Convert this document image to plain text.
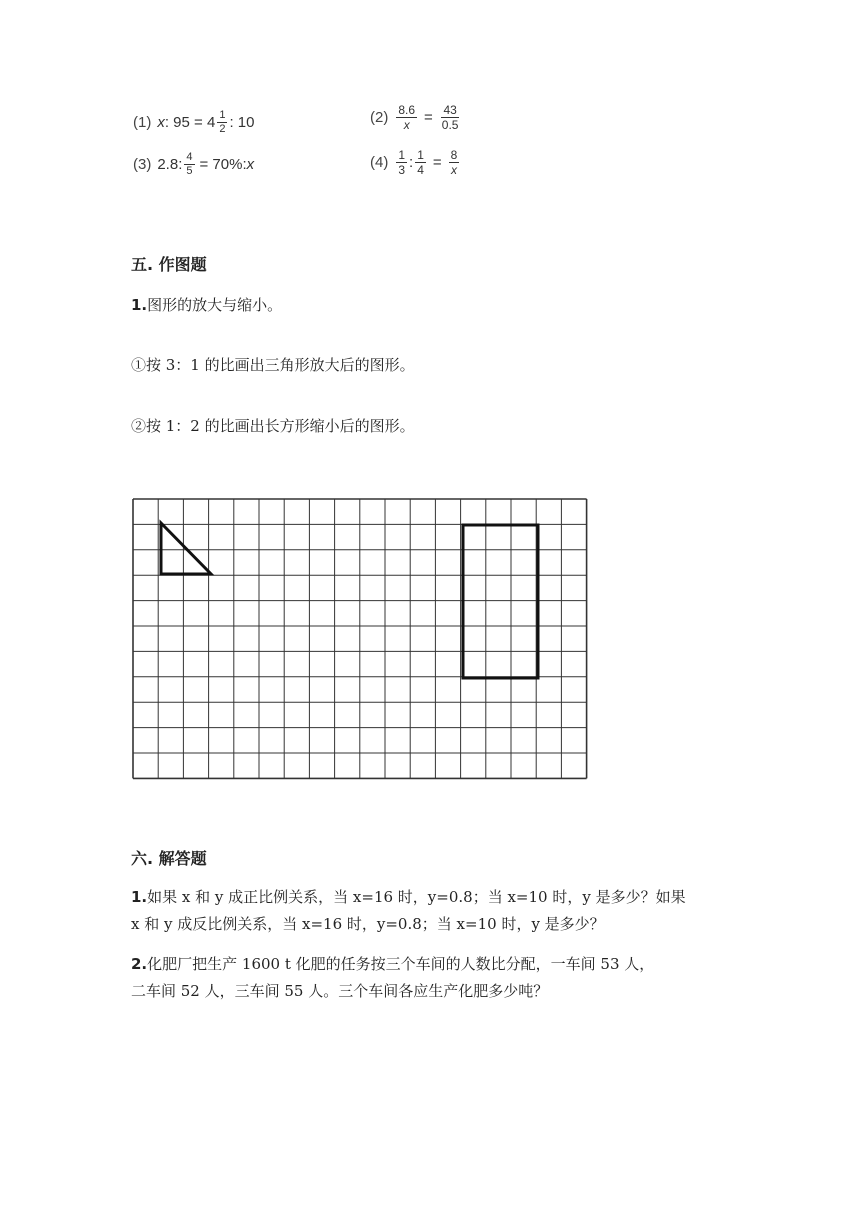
(1) x : $95 = 4 \frac{1}{2}$ : 10	$(2) \frac{8.6}{x} = \frac{43}{0.5}$
(3) 2.8: $\frac{4}{5} = 70\%$: x	$(4) \frac{1}{3}$ : $\frac{1}{4} = \frac{8}{x}$
五. 作图题
1.图形的放大与缩小。
①按 3：1 的比画出三角形放大后的图形。
②按 1：2 的比画出长方形缩小后的图形。
六. 解答题
1.如果 x 和 y 成正比例关系，当 x=16 时，y=0.8；当 x=10 时，y 是多少？如果
x 和 y 成反比例关系，当 x=16 时，y=0.8；当 x=10 时，y 是多少？
2.化肥厂把生产 1600 t 化肥的任务按三个车间的人数比分配，一车间 53 人，
二车间 52 人，三车间 55 人。三个车间各应生产化肥多少吨？
